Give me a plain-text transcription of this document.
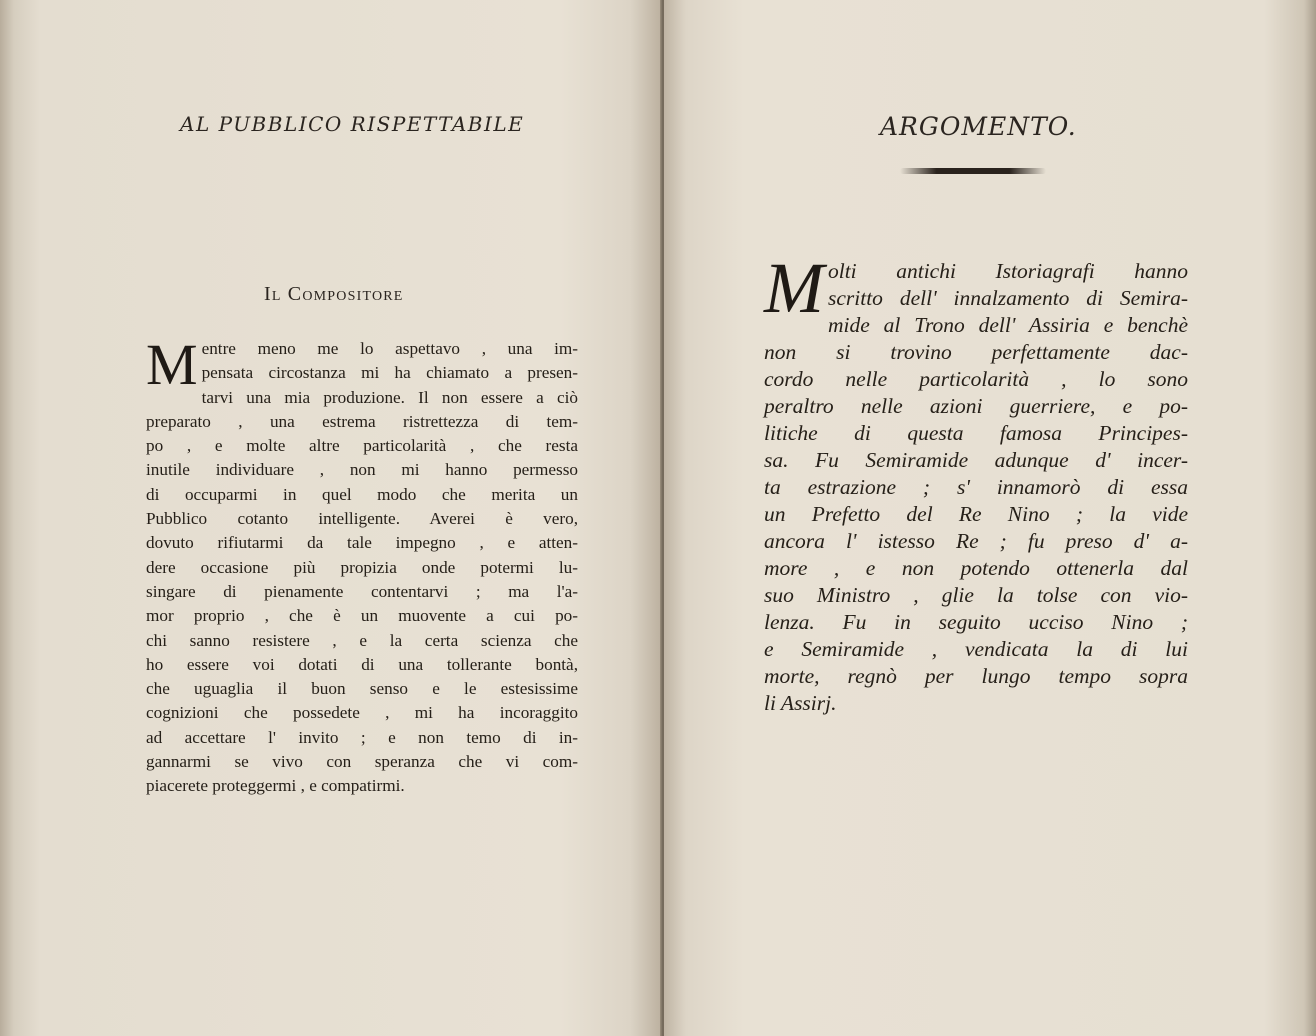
AL PUBBLICO RISPETTABILE
Il Compositore
M entre meno me lo aspettavo , una im-
pensata circostanza mi ha chiamato a presen-
tarvi una mia produzione. Il non essere a ciò
preparato , una estrema ristrettezza di tem-
po , e molte altre particolarità , che resta
inutile individuare , non mi hanno permesso
di occuparmi in quel modo che merita un
Pubblico cotanto intelligente. Averei è vero,
dovuto rifiutarmi da tale impegno , e atten-
dere occasione più propizia onde potermi lu-
singare di pienamente contentarvi ; ma l'a-
mor proprio , che è un muovente a cui po-
chi sanno resistere , e la certa scienza che
ho essere voi dotati di una tollerante bontà,
che uguaglia il buon senso e le estesissime
cognizioni che possedete , mi ha incoraggito
ad accettare l' invito ; e non temo di in-
gannarmi se vivo con speranza che vi com-
piacerete proteggermi , e compatirmi.
ARGOMENTO.
M olti antichi Istoriagrafi hanno
scritto dell' innalzamento di Semira-
mide al Trono dell' Assiria e benchè
non si trovino perfettamente dac-
cordo nelle particolarità , lo sono
peraltro nelle azioni guerriere, e po-
litiche di questa famosa Principes-
sa. Fu Semiramide adunque d' incer-
ta estrazione ; s' innamorò di essa
un Prefetto del Re Nino ; la vide
ancora l' istesso Re ; fu preso d' a-
more , e non potendo ottenerla dal
suo Ministro , glie la tolse con vio-
lenza. Fu in seguito ucciso Nino ;
e Semiramide , vendicata la di lui
morte, regnò per lungo tempo sopra
li Assirj.
